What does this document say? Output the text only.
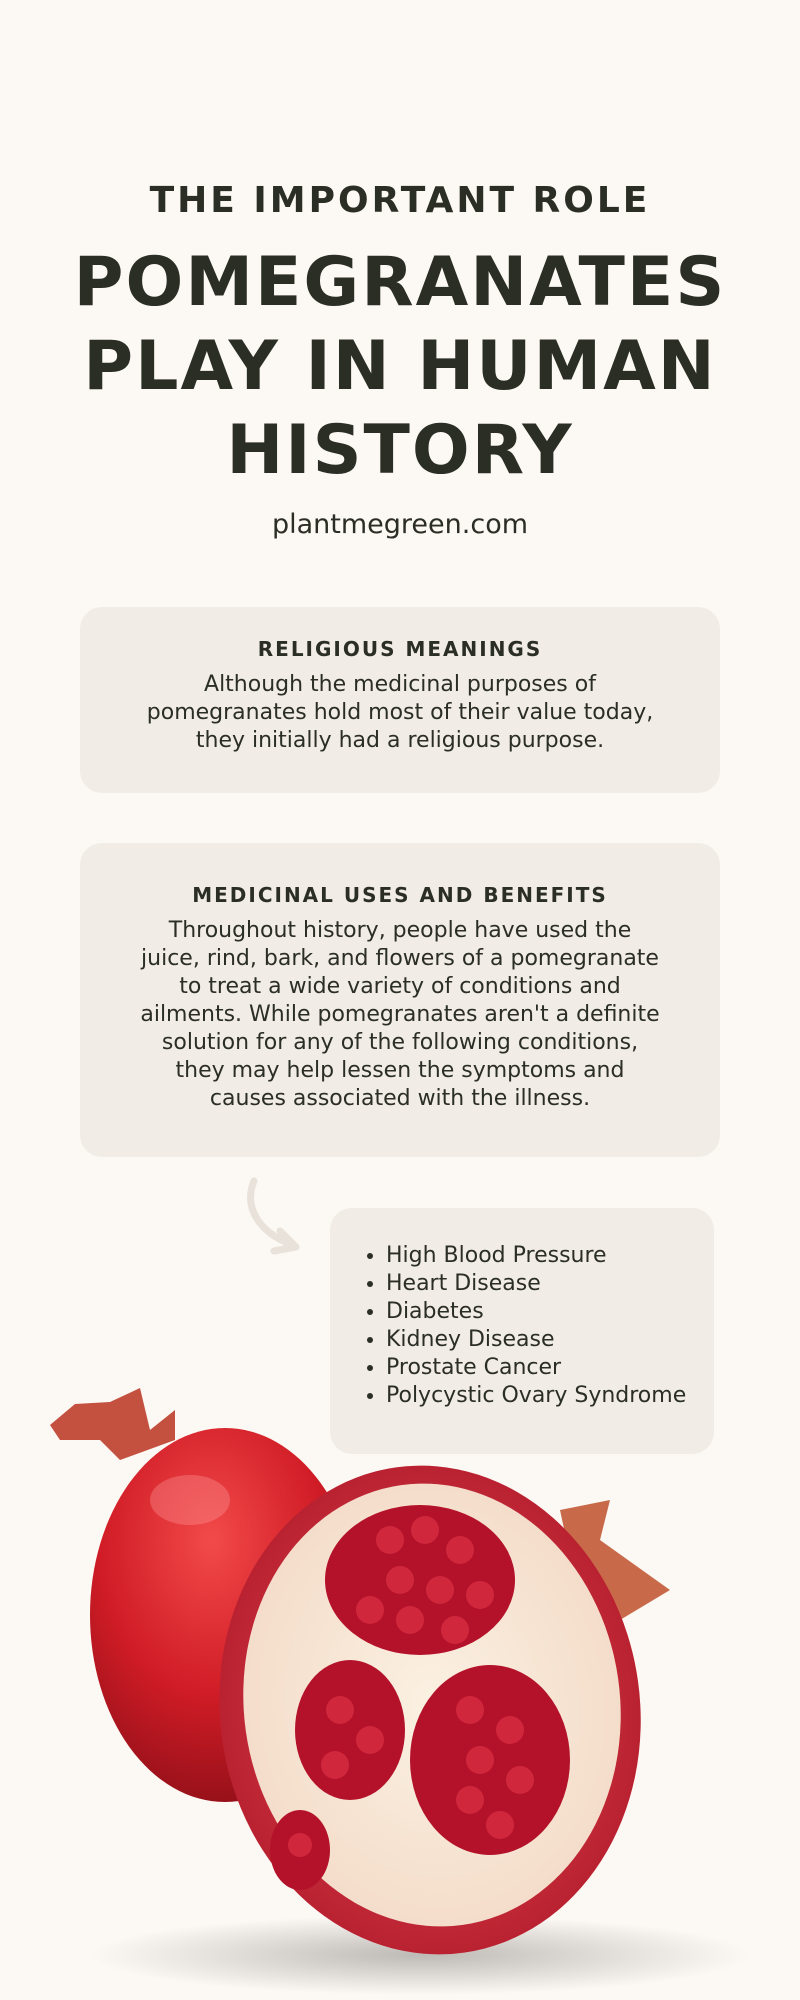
THE IMPORTANT ROLE
POMEGRANATES PLAY IN HUMAN HISTORY
plantmegreen.com
RELIGIOUS MEANINGS

Although the medicinal purposes of pomegranates hold most of their value today, they initially had a religious purpose.

MEDICINAL USES AND BENEFITS

Throughout history, people have used the juice, rind, bark, and flowers of a pomegranate to treat a wide variety of conditions and ailments. While pomegranates aren't a definite solution for any of the following conditions, they may help lessen the symptoms and causes associated with the illness.

• High Blood Pressure
• Heart Disease
• Diabetes
• Kidney Disease
• Prostate Cancer
• Polycystic Ovary Syndrome
